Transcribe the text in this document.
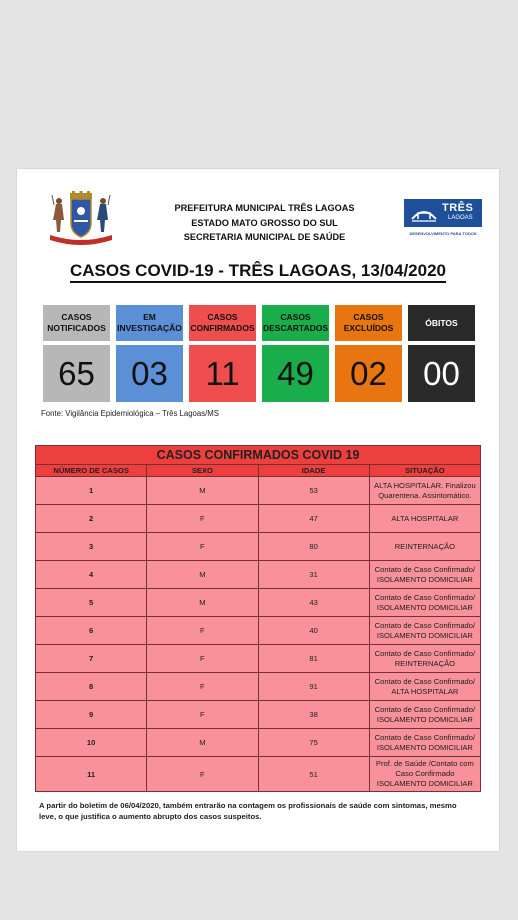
PREFEITURA MUNICIPAL TRÊS LAGOAS
ESTADO MATO GROSSO DO SUL
SECRETARIA MUNICIPAL DE SAÚDE
TRÊS
LAGOAS
DESENVOLVIMENTO PARA TODOS
CASOS COVID-19 - TRÊS LAGOAS, 13/04/2020
CASOS
NOTIFICADOS
65
EM
INVESTIGAÇÃO
03
CASOS
CONFIRMADOS
11
CASOS
DESCARTADOS
49
CASOS
EXCLUÍDOS
02
ÓBITOS
00
Fonte: Vigilância Epidemiológica – Três Lagoas/MS
CASOS CONFIRMADOS COVID 19			
NÚMERO DE CASOS	SEXO	IDADE	SITUAÇÃO
1	M	53	ALTA HOSPITALAR. Finalizou
Quarentena. Assintomático.
2	F	47	ALTA HOSPITALAR
3	F	80	REINTERNAÇÃO
4	M	31	Contato de Caso Confirmado/
ISOLAMENTO DOMICILIAR
5	M	43	Contato de Caso Confirmado/
ISOLAMENTO DOMICILIAR
6	F	40	Contato de Caso Confirmado/
ISOLAMENTO DOMICILIAR
7	F	81	Contato de Caso Confirmado/
REINTERNAÇÃO
8	F	91	Contato de Caso Confirmado/
ALTA HOSPITALAR
9	F	38	Contato de Caso Confirmado/
ISOLAMENTO DOMICILIAR
10	M	75	Contato de Caso Confirmado/
ISOLAMENTO DOMICILIAR
11	F	51	Prof. de Saúde /Contato com
Caso Confirmado
ISOLAMENTO DOMICILIAR
A partir do boletim de 06/04/2020, também entrarão na contagem os profissionais de saúde com sintomas, mesmo
leve, o que justifica o aumento abrupto dos casos suspeitos.
